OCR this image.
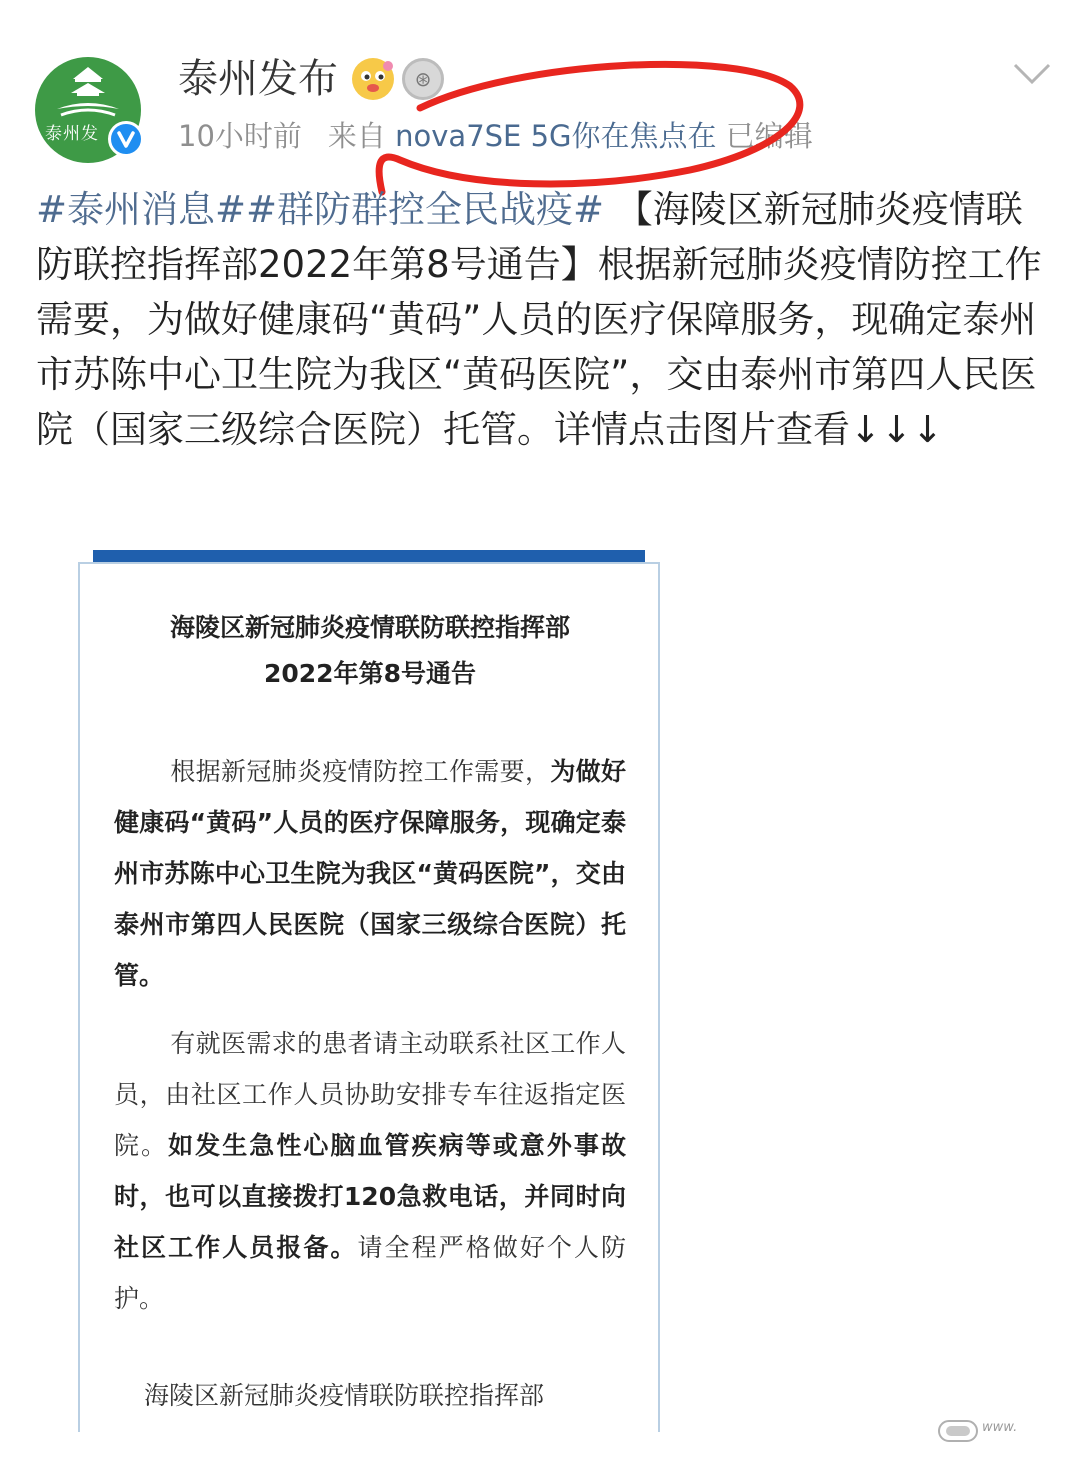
泰州发
泰州发布	⊛
10小时前 来自 nova7SE 5G你在焦点在 已编辑
#泰州消息##群防群控全民战疫# 【海陵区新冠肺炎疫情联防联控指挥部2022年第8号通告】根据新冠肺炎疫情防控工作需要，为做好健康码“黄码”人员的医疗保障服务，现确定泰州市苏陈中心卫生院为我区“黄码医院”，交由泰州市第四人民医院（国家三级综合医院）托管。详情点击图片查看↓↓↓
海陵区新冠肺炎疫情联防联控指挥部
2022年第8号通告
根据新冠肺炎疫情防控工作需要，为做好健康码“黄码”人员的医疗保障服务，现确定泰州市苏陈中心卫生院为我区“黄码医院”，交由泰州市第四人民医院（国家三级综合医院）托管。
有就医需求的患者请主动联系社区工作人员，由社区工作人员协助安排专车往返指定医院。如发生急性心脑血管疾病等或意外事故时，也可以直接拨打120急救电话，并同时向社区工作人员报备。请全程严格做好个人防护。
海陵区新冠肺炎疫情联防联控指挥部
www.
